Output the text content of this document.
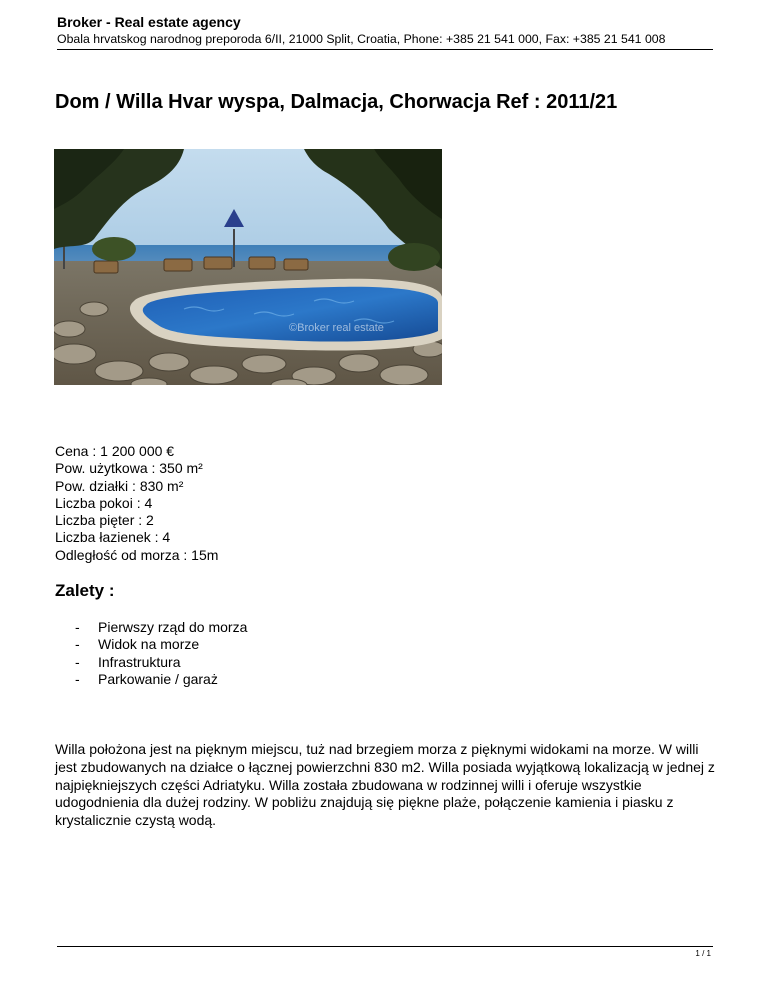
Broker - Real estate agency
Obala hrvatskog narodnog preporoda 6/II, 21000 Split, Croatia, Phone: +385 21 541 000, Fax: +385 21 541 008
Dom / Willa Hvar wyspa, Dalmacja, Chorwacja Ref : 2011/21
©Broker real estate
Cena : 1 200 000 €
Pow. użytkowa : 350 m²
Pow. działki : 830 m²
Liczba pokoi : 4
Liczba pięter : 2
Liczba łazienek : 4
Odległość od morza : 15m
Zalety :
- Pierwszy rząd do morza
- Widok na morze
- Infrastruktura
- Parkowanie / garaż

Willa położona jest na pięknym miejscu, tuż nad brzegiem morza z pięknymi widokami na morze. W willi jest zbudowanych na działce o łącznej powierzchni 830 m2. Willa posiada wyjątkową lokalizacją w jednej z najpiękniejszych części Adriatyku. Willa została zbudowana w rodzinnej willi i oferuje wszystkie udogodnienia dla dużej rodziny. W pobliżu znajdują się piękne plaże, połączenie kamienia i piasku z krystalicznie czystą wodą.

1 / 1
